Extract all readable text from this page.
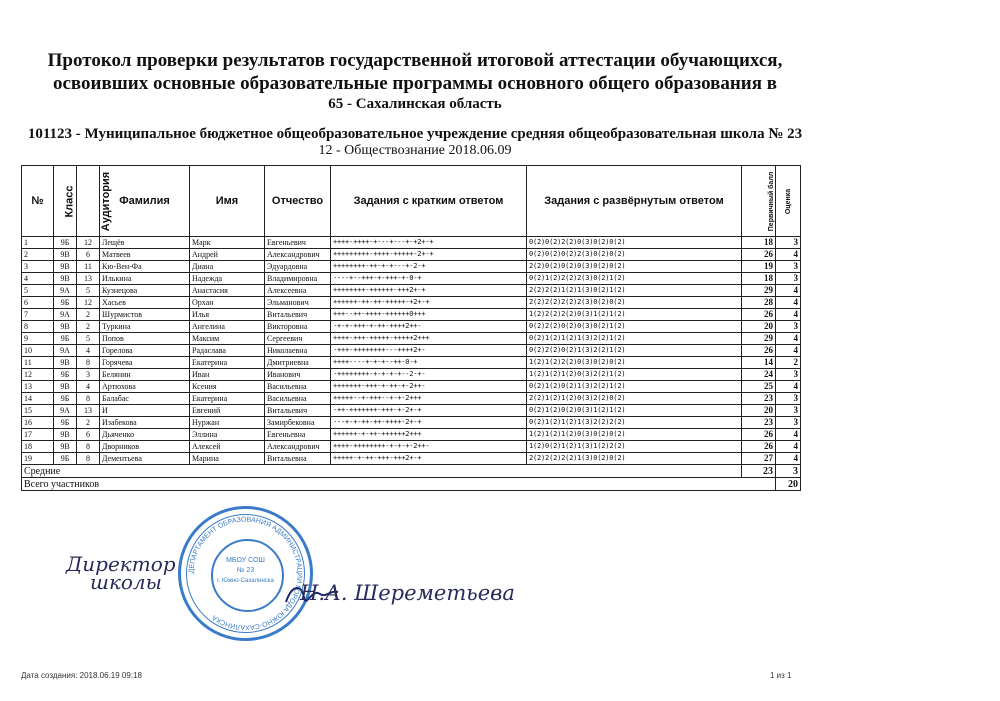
Протокол проверки результатов государственной итоговой аттестации обучающихся,
освоивших основные образовательные программы основного общего образования в
65 - Сахалинская область
101123 - Муниципальное бюджетное общеобразовательное учреждение средняя общеобразовательная школа № 23
12 - Обществознание 2018.06.09
№	Класс	Аудитория	Фамилия	Имя	Отчество	Задания с кратким ответом	Задания с развёрнутым ответом	Первичный балл	Оценка
1	9Б	12	Лещёв	Марк	Евгеньевич	++++-++++-+---+---+-+2+-+	0(2)0(2)2(2)0(3)0(2)0(2)	18	3
2	9В	6	Матвеев	Андрей	Александрович	+++++++++-++++-+++++-2+-+	0(2)0(2)0(2)2(3)0(2)0(2)	26	4
3	9В	11	Кю-Вен-Фа	Диана	Эдуардовна	++++++++-++-+-+---+-2-+	2(2)0(2)0(2)0(3)0(2)0(2)	19	3
4	9В	13	Илькина	Надежда	Владимировна	----+--+++-+-+++-+-0-+	0(2)1(2)2(2)2(3)0(2)1(2)	18	3
5	9А	5	Кузнецова	Анастасия	Алексеевна	++++++++-++++++-+++2+-+	2(2)2(2)1(2)1(3)0(2)1(2)	29	4
6	9Б	12	Хасьев	Орхан	Эльманович	++++++-++-++-+++++-+2+-+	2(2)2(2)2(2)2(3)0(2)0(2)	28	4
7	9А	2	Шурмистов	Илья	Витальевич	+++--++-++++-++++++0+++	1(2)2(2)2(2)0(3)1(2)1(2)	26	4
8	9В	2	Туркина	Ангелина	Викторовна	-+-+-+++-+-++-++++2++-	0(2)2(2)0(2)0(3)0(2)1(2)	20	3
9	9Б	5	Попов	Максим	Сергеевич	++++-+++-+++++-+++++2+++	0(2)1(2)1(2)1(3)2(2)1(2)	29	4
10	9А	4	Горелова	Радаслава	Николаевна	-+++-++++++++---++++2+-	0(2)2(2)0(2)1(3)2(2)1(2)	26	4
11	9В	8	Горячева	Екатерина	Дмитриевна	++++----+-+-+--++-0-+	1(2)1(2)2(2)0(3)0(2)0(2)	14	2
12	9Б	3	Белянин	Иван	Иванович	-++++++++-+-+-+-+--2-+-	1(2)1(2)1(2)0(3)2(2)1(2)	24	3
13	9В	4	Артюхова	Ксения	Васильевна	+++++++-+++-+-++-+-2++-	0(2)1(2)0(2)1(3)2(2)1(2)	25	4
14	9Б	8	Балабас	Екатерина	Васильевна	+++++--+-+++--+-+-2+++	2(2)1(2)1(2)0(3)2(2)0(2)	23	3
15	9А	13	И	Евгений	Витальевич	-++-+++++++-+++-+-2+-+	0(2)1(2)0(2)0(3)1(2)1(2)	20	3
16	9Б	2	Изабекова	Нуржан	Замирбековна	---+-+-++-++-++++-2+-+	0(2)1(2)1(2)1(3)2(2)2(2)	23	3
17	9В	6	Дьяченко	Эллина	Евгеньевна	++++++-+-++-++++++2+++	1(2)1(2)1(2)0(3)0(2)0(2)	26	4
18	9В	8	Дворников	Алексей	Александрович	++++-++++++++-+-+-+-2++-	1(2)0(2)1(2)1(3)1(2)2(2)	26	4
19	9Б	8	Дементьева	Марина	Витальевна	+++++-+-++-+++-+++2+-+	2(2)2(2)2(2)1(3)0(2)0(2)	27	4
Средние								23	3
Всего участников									20
Директор
школы	ДЕПАРТАМЕНТ ОБРАЗОВАНИЯ АДМИНИСТРАЦИИ ГОРОДА ЮЖНО-САХАЛИНСКА
МБОУ СОШ
№ 23
г. Южно-Сахалинска	Н.А. Шереметьева
Дата создания: 2018.06.19 09:18	1 из 1
